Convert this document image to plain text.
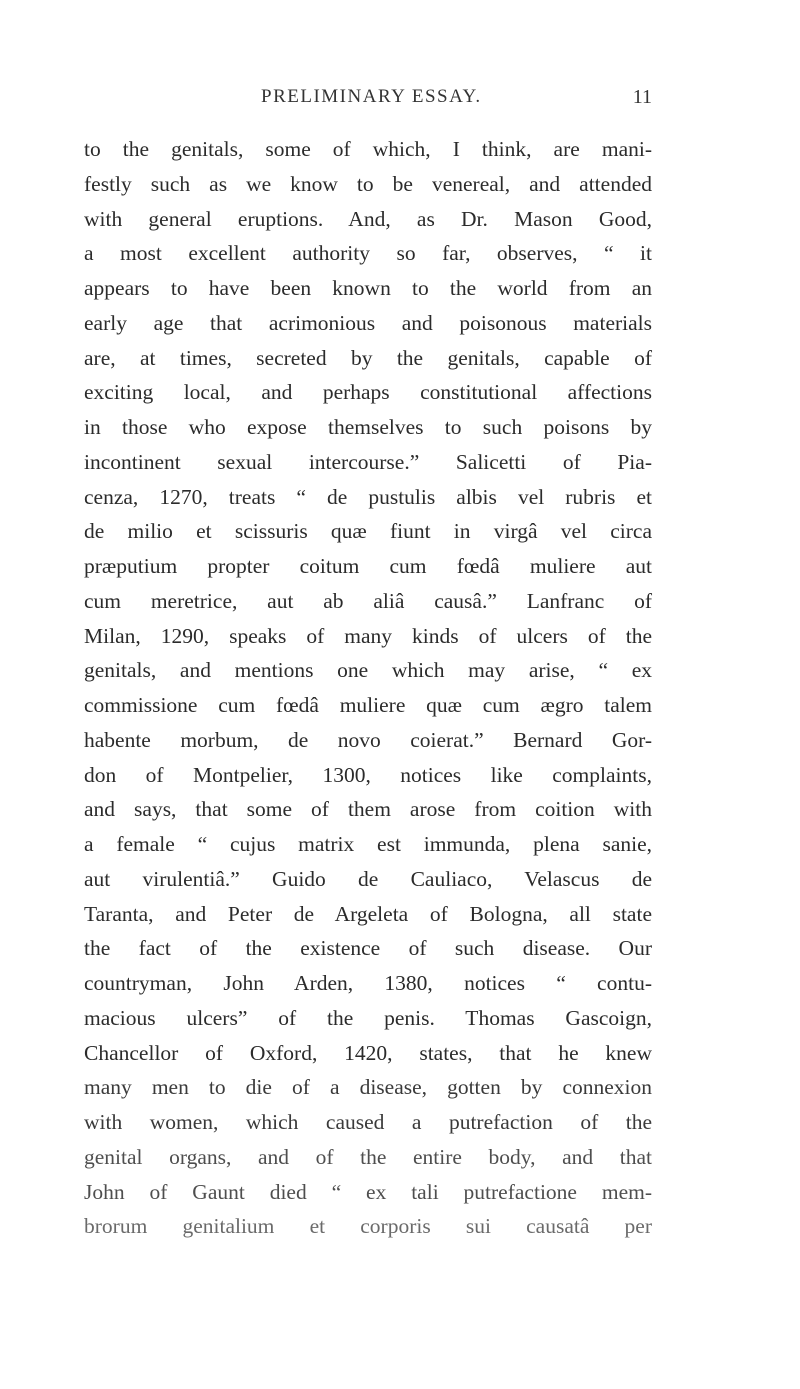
PRELIMINARY ESSAY.	11
to the genitals, some of which, I think, are mani-
festly such as we know to be venereal, and attended
with general eruptions. And, as Dr. Mason Good,
a most excellent authority so far, observes, “ it
appears to have been known to the world from an
early age that acrimonious and poisonous materials
are, at times, secreted by the genitals, capable of
exciting local, and perhaps constitutional affections
in those who expose themselves to such poisons by
incontinent sexual intercourse.” Salicetti of Pia-
cenza, 1270, treats “ de pustulis albis vel rubris et
de milio et scissuris quæ fiunt in virgâ vel circa
præputium propter coitum cum fœdâ muliere aut
cum meretrice, aut ab aliâ causâ.” Lanfranc of
Milan, 1290, speaks of many kinds of ulcers of the
genitals, and mentions one which may arise, “ ex
commissione cum fœdâ muliere quæ cum ægro talem
habente morbum, de novo coierat.” Bernard Gor-
don of Montpelier, 1300, notices like complaints,
and says, that some of them arose from coition with
a female “ cujus matrix est immunda, plena sanie,
aut virulentiâ.” Guido de Cauliaco, Velascus de
Taranta, and Peter de Argeleta of Bologna, all state
the fact of the existence of such disease. Our
countryman, John Arden, 1380, notices “ contu-
macious ulcers” of the penis. Thomas Gascoign,
Chancellor of Oxford, 1420, states, that he knew
many men to die of a disease, gotten by connexion
with women, which caused a putrefaction of the
genital organs, and of the entire body, and that
John of Gaunt died “ ex tali putrefactione mem-
brorum genitalium et corporis sui causatâ per
